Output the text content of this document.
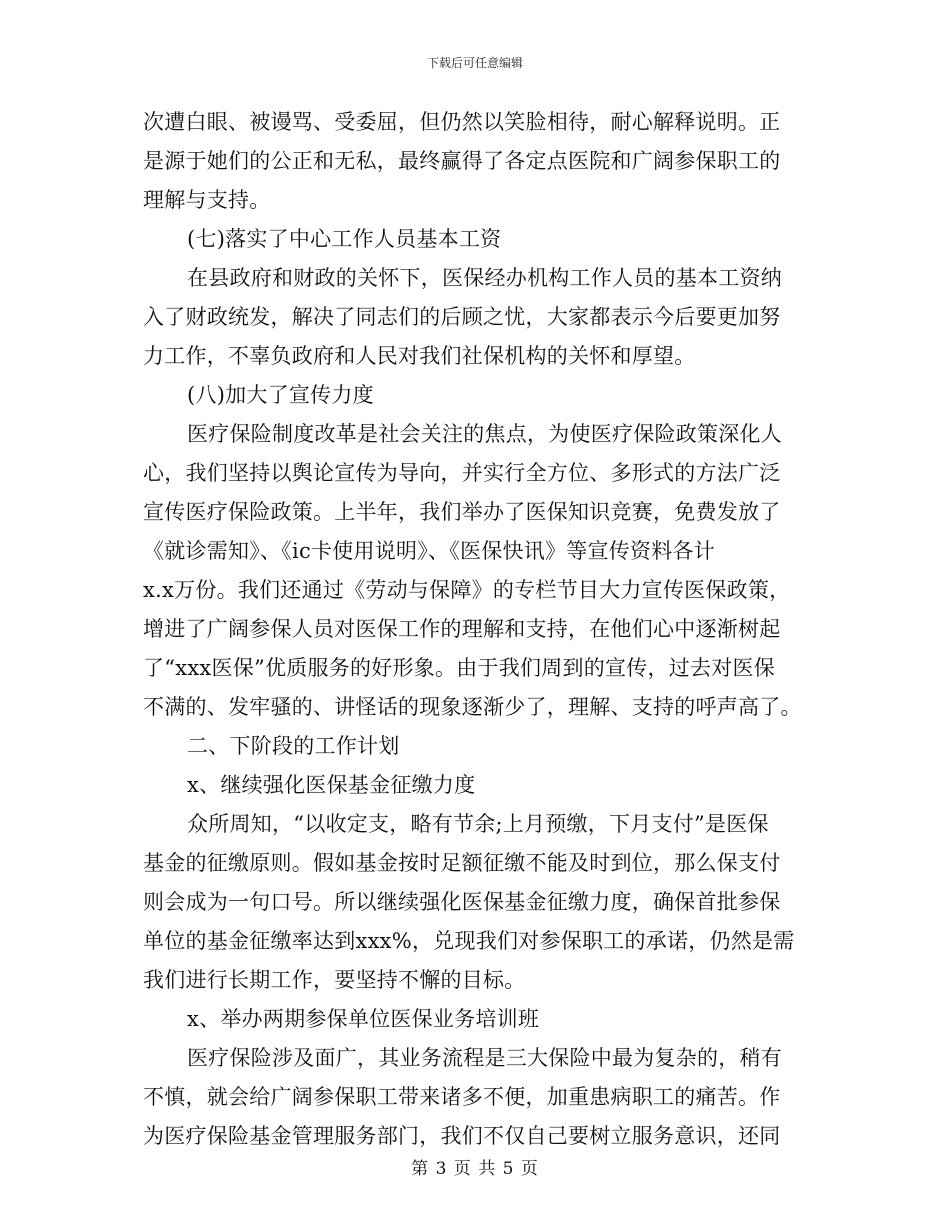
下载后可任意编辑
次遭白眼、被谩骂、受委屈，但仍然以笑脸相待，耐心解释说明。正
是源于她们的公正和无私，最终赢得了各定点医院和广阔参保职工的
理解与支持。
(七)落实了中心工作人员基本工资
在县政府和财政的关怀下，医保经办机构工作人员的基本工资纳
入了财政统发，解决了同志们的后顾之忧，大家都表示今后要更加努
力工作，不辜负政府和人民对我们社保机构的关怀和厚望。
(八)加大了宣传力度
医疗保险制度改革是社会关注的焦点，为使医疗保险政策深化人
心，我们坚持以舆论宣传为导向，并实行全方位、多形式的方法广泛
宣传医疗保险政策。上半年，我们举办了医保知识竞赛，免费发放了
《就诊需知》、《ic卡使用说明》、《医保快讯》等宣传资料各计
x.x万份。我们还通过《劳动与保障》的专栏节目大力宣传医保政策，
增进了广阔参保人员对医保工作的理解和支持，在他们心中逐渐树起
了“xxx医保”优质服务的好形象。由于我们周到的宣传，过去对医保
不满的、发牢骚的、讲怪话的现象逐渐少了，理解、支持的呼声高了。
二、下阶段的工作计划
x、继续强化医保基金征缴力度
众所周知，“以收定支，略有节余;上月预缴，下月支付”是医保
基金的征缴原则。假如基金按时足额征缴不能及时到位，那么保支付
则会成为一句口号。所以继续强化医保基金征缴力度，确保首批参保
单位的基金征缴率达到xxx%，兑现我们对参保职工的承诺，仍然是需
我们进行长期工作，要坚持不懈的目标。
x、举办两期参保单位医保业务培训班
医疗保险涉及面广，其业务流程是三大保险中最为复杂的，稍有
不慎，就会给广阔参保职工带来诸多不便，加重患病职工的痛苦。作
为医疗保险基金管理服务部门，我们不仅自己要树立服务意识，还同
第 3 页 共 5 页
